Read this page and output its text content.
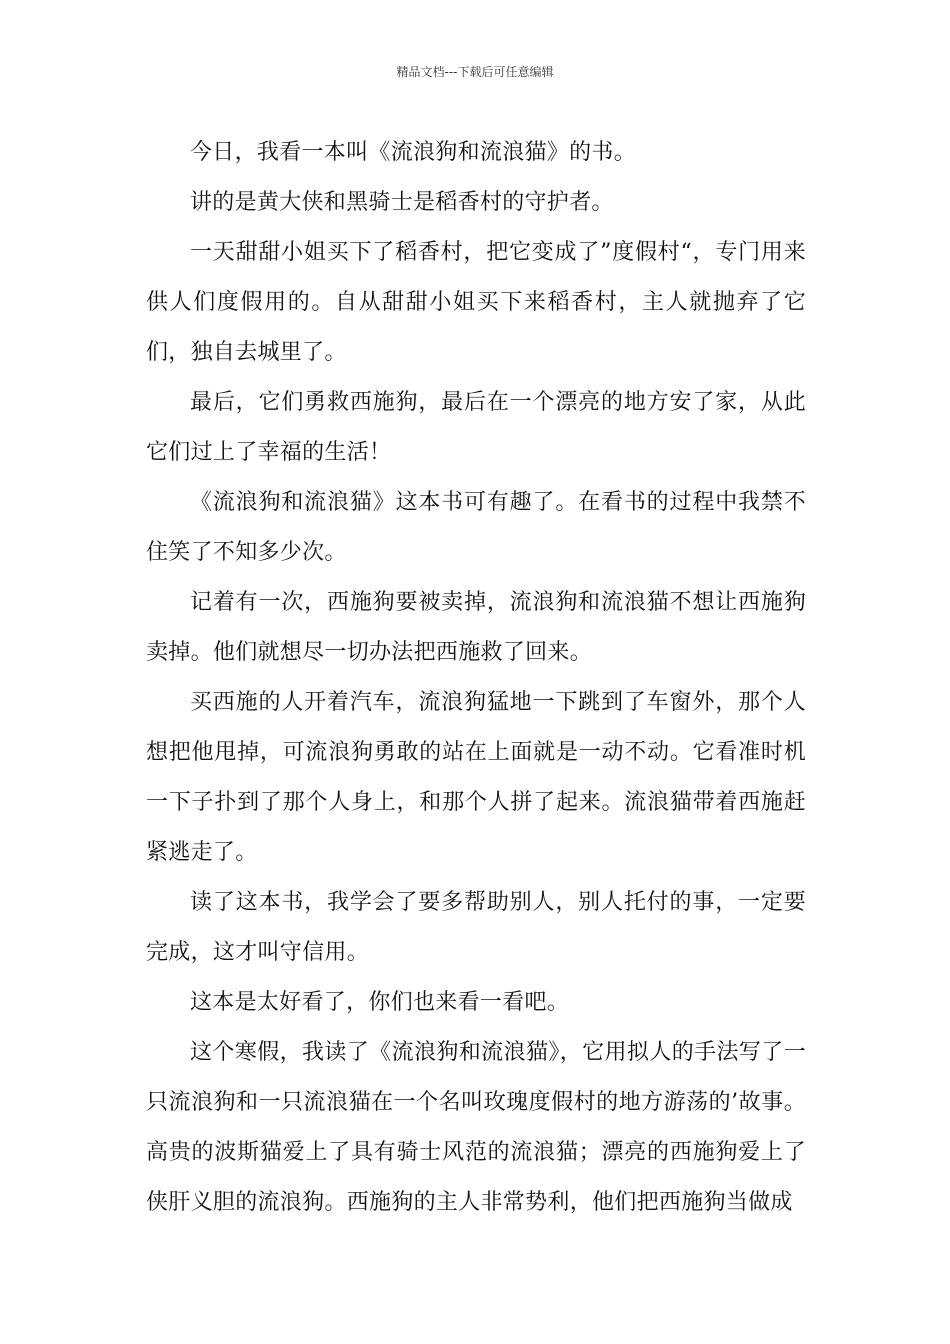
精品文档---下载后可任意编辑

今日，我看一本叫《流浪狗和流浪猫》的书。

讲的是黄大侠和黑骑士是稻香村的守护者。

一天甜甜小姐买下了稻香村，把它变成了”度假村“，专门用来供人们度假用的。自从甜甜小姐买下来稻香村，主人就抛弃了它们，独自去城里了。

最后，它们勇救西施狗，最后在一个漂亮的地方安了家，从此它们过上了幸福的生活！

《流浪狗和流浪猫》这本书可有趣了。在看书的过程中我禁不住笑了不知多少次。

记着有一次，西施狗要被卖掉，流浪狗和流浪猫不想让西施狗卖掉。他们就想尽一切办法把西施救了回来。

买西施的人开着汽车，流浪狗猛地一下跳到了车窗外，那个人想把他甩掉，可流浪狗勇敢的站在上面就是一动不动。它看准时机一下子扑到了那个人身上，和那个人拼了起来。流浪猫带着西施赶紧逃走了。

读了这本书，我学会了要多帮助别人，别人托付的事，一定要完成，这才叫守信用。

这本是太好看了，你们也来看一看吧。

这个寒假，我读了《流浪狗和流浪猫》，它用拟人的手法写了一只流浪狗和一只流浪猫在一个名叫玫瑰度假村的地方游荡的’故事。高贵的波斯猫爱上了具有骑士风范的流浪猫；漂亮的西施狗爱上了侠肝义胆的流浪狗。西施狗的主人非常势利，他们把西施狗当做成
